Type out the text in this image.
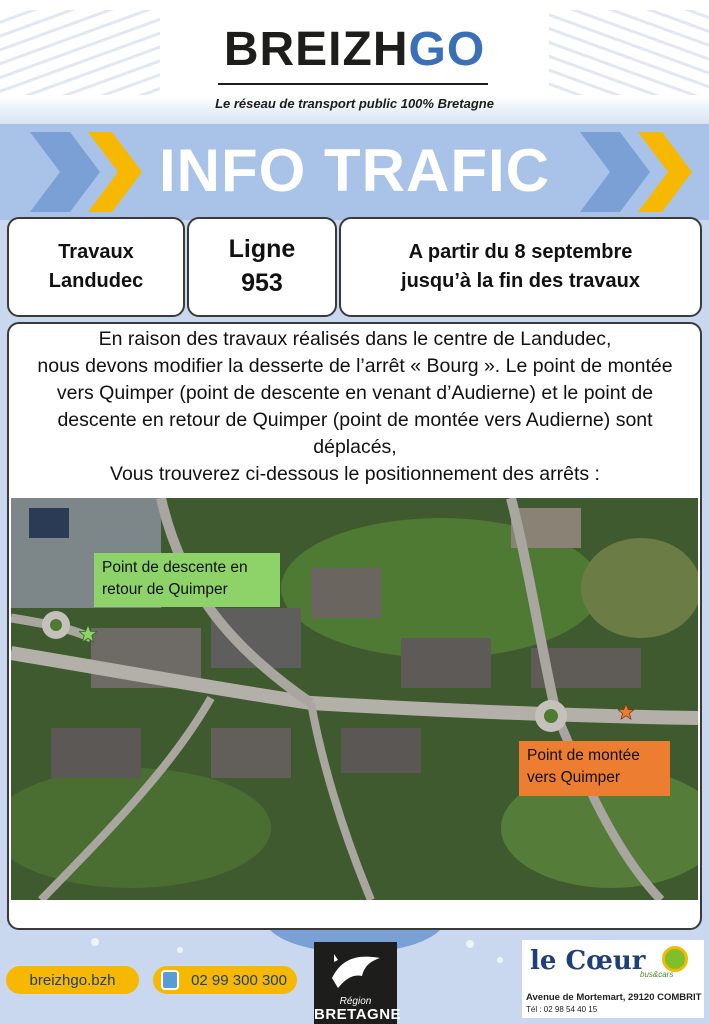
BREIZHGO
Le réseau de transport public 100% Bretagne
INFO TRAFIC
Travaux
Landudec
Ligne
953
A partir du 8 septembre
jusqu’à la fin des travaux
En raison des travaux réalisés dans le centre de Landudec,
nous devons modifier la desserte de l’arrêt « Bourg ». Le point de montée vers Quimper (point de descente en venant d’Audierne) et le point de descente en retour de Quimper (point de montée vers Audierne) sont déplacés,
Vous trouverez ci-dessous le positionnement des arrêts :
Point de descente en
retour de Quimper
Point de montée
vers Quimper
breizhgo.bzh	02 99 300 300
Région
BRETAGNE
le Cœur
bus&cars
Avenue de Mortemart, 29120 COMBRIT
Tél : 02 98 54 40 15
